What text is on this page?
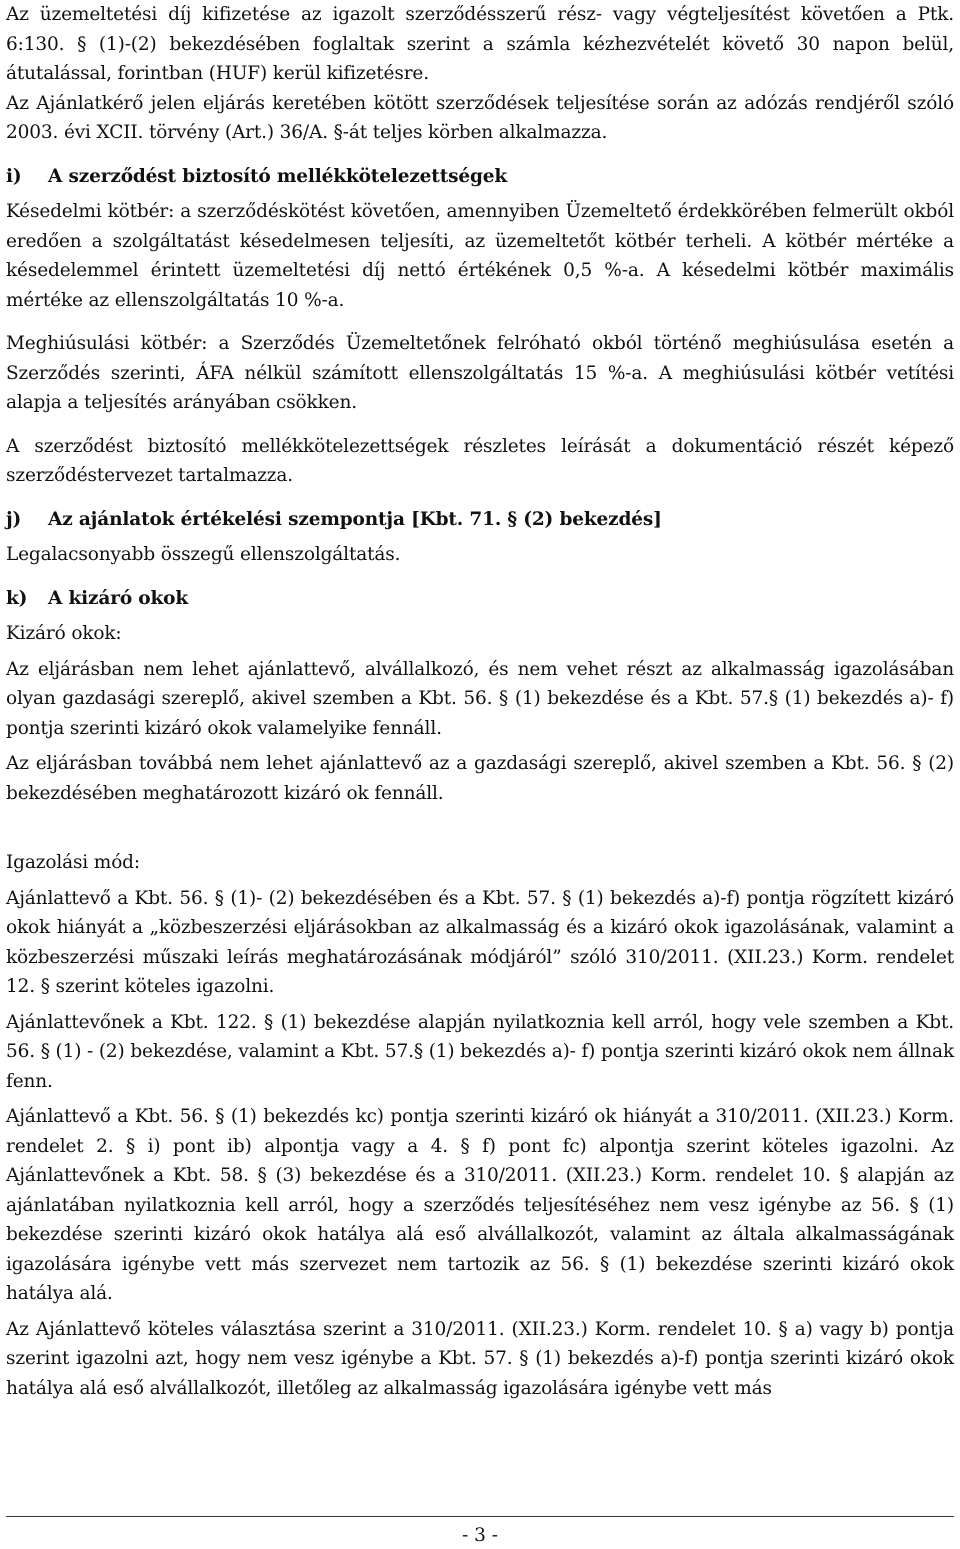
Az üzemeltetési díj kifizetése az igazolt szerződésszerű rész- vagy végteljesítést követően a Ptk. 6:130. § (1)-(2) bekezdésében foglaltak szerint a számla kézhezvételét követő 30 napon belül, átutalással, forintban (HUF) kerül kifizetésre.

Az Ajánlatkérő jelen eljárás keretében kötött szerződések teljesítése során az adózás rendjéről szóló 2003. évi XCII. törvény (Art.) 36/A. §-át teljes körben alkalmazza.

i) A szerződést biztosító mellékkötelezettségek

Késedelmi kötbér: a szerződéskötést követően, amennyiben Üzemeltető érdekkörében felmerült okból eredően a szolgáltatást késedelmesen teljesíti, az üzemeltetőt kötbér terheli. A kötbér mértéke a késedelemmel érintett üzemeltetési díj nettó értékének 0,5 %-a. A késedelmi kötbér maximális mértéke az ellenszolgáltatás 10 %-a.

Meghiúsulási kötbér: a Szerződés Üzemeltetőnek felróható okból történő meghiúsulása esetén a Szerződés szerinti, ÁFA nélkül számított ellenszolgáltatás 15 %-a. A meghiúsulási kötbér vetítési alapja a teljesítés arányában csökken.

A szerződést biztosító mellékkötelezettségek részletes leírását a dokumentáció részét képező szerződéstervezet tartalmazza.

j) Az ajánlatok értékelési szempontja [Kbt. 71. § (2) bekezdés]

Legalacsonyabb összegű ellenszolgáltatás.

k) A kizáró okok

Kizáró okok:

Az eljárásban nem lehet ajánlattevő, alvállalkozó, és nem vehet részt az alkalmasság igazolásában olyan gazdasági szereplő, akivel szemben a Kbt. 56. § (1) bekezdése és a Kbt. 57.§ (1) bekezdés a)- f) pontja szerinti kizáró okok valamelyike fennáll.

Az eljárásban továbbá nem lehet ajánlattevő az a gazdasági szereplő, akivel szemben a Kbt. 56. § (2) bekezdésében meghatározott kizáró ok fennáll.

Igazolási mód:

Ajánlattevő a Kbt. 56. § (1)- (2) bekezdésében és a Kbt. 57. § (1) bekezdés a)-f) pontja rögzített kizáró okok hiányát a „közbeszerzési eljárásokban az alkalmasság és a kizáró okok igazolásának, valamint a közbeszerzési műszaki leírás meghatározásának módjáról” szóló 310/2011. (XII.23.) Korm. rendelet 12. § szerint köteles igazolni.

Ajánlattevőnek a Kbt. 122. § (1) bekezdése alapján nyilatkoznia kell arról, hogy vele szemben a Kbt. 56. § (1) - (2) bekezdése, valamint a Kbt. 57.§ (1) bekezdés a)- f) pontja szerinti kizáró okok nem állnak fenn.

Ajánlattevő a Kbt. 56. § (1) bekezdés kc) pontja szerinti kizáró ok hiányát a 310/2011. (XII.23.) Korm. rendelet 2. § i) pont ib) alpontja vagy a 4. § f) pont fc) alpontja szerint köteles igazolni. Az Ajánlattevőnek a Kbt. 58. § (3) bekezdése és a 310/2011. (XII.23.) Korm. rendelet 10. § alapján az ajánlatában nyilatkoznia kell arról, hogy a szerződés teljesítéséhez nem vesz igénybe az 56. § (1) bekezdése szerinti kizáró okok hatálya alá eső alvállalkozót, valamint az általa alkalmasságának igazolására igénybe vett más szervezet nem tartozik az 56. § (1) bekezdése szerinti kizáró okok hatálya alá.

Az Ajánlattevő köteles választása szerint a 310/2011. (XII.23.) Korm. rendelet 10. § a) vagy b) pontja szerint igazolni azt, hogy nem vesz igénybe a Kbt. 57. § (1) bekezdés a)-f) pontja szerinti kizáró okok hatálya alá eső alvállalkozót, illetőleg az alkalmasság igazolására igénybe vett más

- 3 -
